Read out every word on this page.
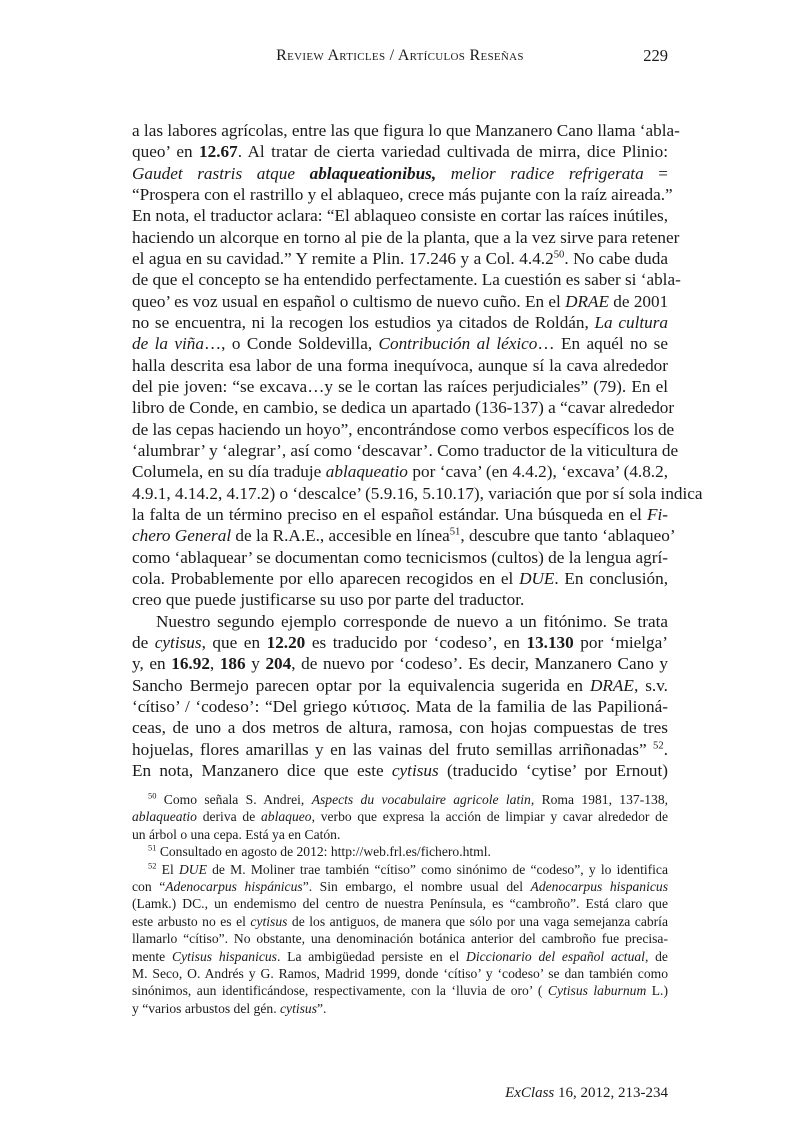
Review Articles / Artículos Reseñas	229
a las labores agrícolas, entre las que figura lo que Manzanero Cano llama ‘abla-
queo’ en 12.67. Al tratar de cierta variedad cultivada de mirra, dice Plinio:
Gaudet rastris atque ablaqueationibus, melior radice refrigerata =
“Prospera con el rastrillo y el ablaqueo, crece más pujante con la raíz aireada.”
En nota, el traductor aclara: “El ablaqueo consiste en cortar las raíces inútiles,
haciendo un alcorque en torno al pie de la planta, que a la vez sirve para retener
el agua en su cavidad.” Y remite a Plin. 17.246 y a Col. 4.4.2$^{50}$. No cabe duda
de que el concepto se ha entendido perfectamente. La cuestión es saber si ‘abla-
queo’ es voz usual en español o cultismo de nuevo cuño. En el DRAE de 2001
no se encuentra, ni la recogen los estudios ya citados de Roldán, La cultura
de la viña…, o Conde Soldevilla, Contribución al léxico… En aquél no se
halla descrita esa labor de una forma inequívoca, aunque sí la cava alrededor
del pie joven: “se excava…y se le cortan las raíces perjudiciales” (79). En el
libro de Conde, en cambio, se dedica un apartado (136-137) a “cavar alrededor
de las cepas haciendo un hoyo”, encontrándose como verbos específicos los de
‘alumbrar’ y ‘alegrar’, así como ‘descavar’. Como traductor de la viticultura de
Columela, en su día traduje ablaqueatio por ‘cava’ (en 4.4.2), ‘excava’ (4.8.2,
4.9.1, 4.14.2, 4.17.2) o ‘descalce’ (5.9.16, 5.10.17), variación que por sí sola indica
la falta de un término preciso en el español estándar. Una búsqueda en el Fi-
chero General de la R.A.E., accesible en línea$^{51}$, descubre que tanto ‘ablaqueo’
como ‘ablaquear’ se documentan como tecnicismos (cultos) de la lengua agrí-
cola. Probablemente por ello aparecen recogidos en el DUE. En conclusión,
creo que puede justificarse su uso por parte del traductor.
Nuestro segundo ejemplo corresponde de nuevo a un fitónimo. Se trata
de cytisus, que en 12.20 es traducido por ‘codeso’, en 13.130 por ‘mielga’
y, en 16.92, 186 y 204, de nuevo por ‘codeso’. Es decir, Manzanero Cano y
Sancho Bermejo parecen optar por la equivalencia sugerida en DRAE, s.v.
‘cítiso’ / ‘codeso’: “Del griego κύτισος. Mata de la familia de las Papilioná-
ceas, de uno a dos metros de altura, ramosa, con hojas compuestas de tres
hojuelas, flores amarillas y en las vainas del fruto semillas arriñonadas” $^{52}$.
En nota, Manzanero dice que este cytisus (traducido ‘cytise’ por Ernout)
$^{50}$ Como señala S. Andrei, Aspects du vocabulaire agricole latin, Roma 1981, 137-138,
ablaqueatio deriva de ablaqueo, verbo que expresa la acción de limpiar y cavar alrededor de
un árbol o una cepa. Está ya en Catón.
$^{51}$ Consultado en agosto de 2012: http://web.frl.es/fichero.html.
$^{52}$ El DUE de M. Moliner trae también “cítiso” como sinónimo de “codeso”, y lo identifica
con “Adenocarpus hispánicus”. Sin embargo, el nombre usual del Adenocarpus hispanicus
(Lamk.) DC., un endemismo del centro de nuestra Península, es “cambroño”. Está claro que
este arbusto no es el cytisus de los antiguos, de manera que sólo por una vaga semejanza cabría
llamarlo “cítiso”. No obstante, una denominación botánica anterior del cambroño fue precisa-
mente Cytisus hispanicus. La ambigüedad persiste en el Diccionario del español actual, de
M. Seco, O. Andrés y G. Ramos, Madrid 1999, donde ‘cítiso’ y ‘codeso’ se dan también como
sinónimos, aun identificándose, respectivamente, con la ‘lluvia de oro’ ( Cytisus laburnum L.)
y “varios arbustos del gén. cytisus”.
ExClass 16, 2012, 213-234
